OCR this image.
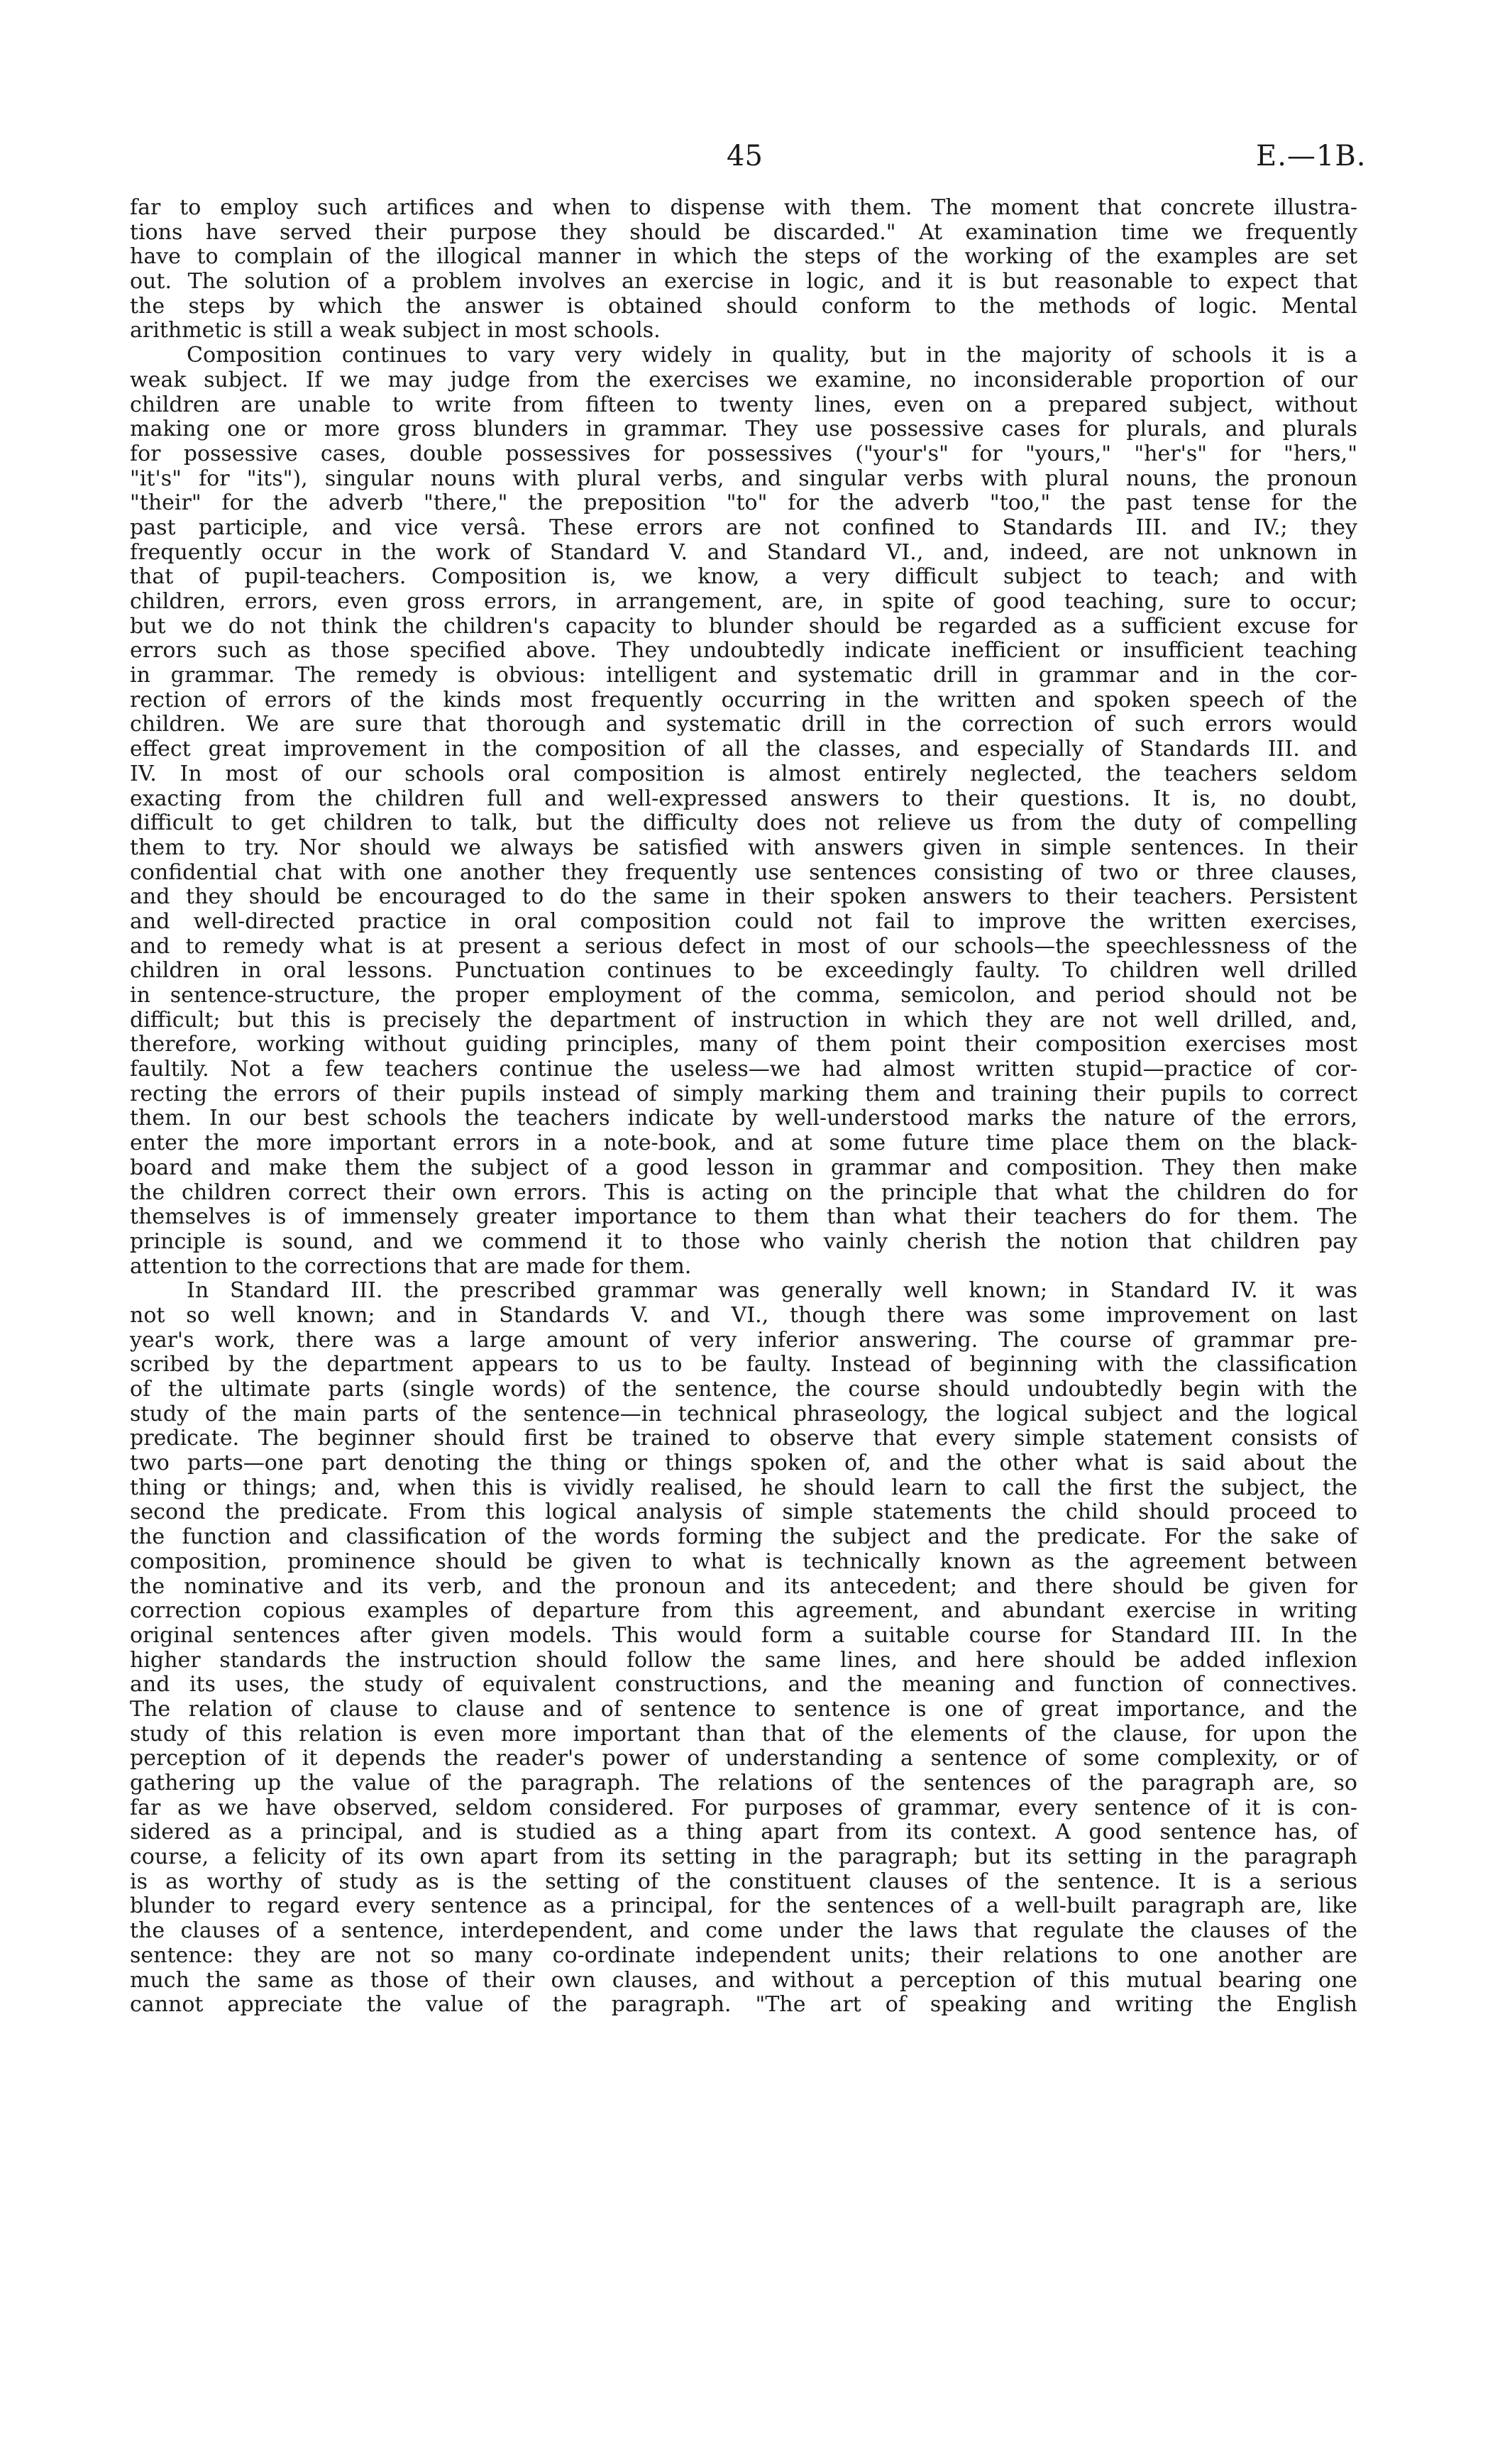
45	E.—1B.
far to employ such artifices and when to dispense with them. The moment that concrete illustra-
tions have served their purpose they should be discarded." At examination time we frequently
have to complain of the illogical manner in which the steps of the working of the examples are set
out. The solution of a problem involves an exercise in logic, and it is but reasonable to expect that
the steps by which the answer is obtained should conform to the methods of logic. Mental
arithmetic is still a weak subject in most schools.
Composition continues to vary very widely in quality, but in the majority of schools it is a
weak subject. If we may judge from the exercises we examine, no inconsiderable proportion of our
children are unable to write from fifteen to twenty lines, even on a prepared subject, without
making one or more gross blunders in grammar. They use possessive cases for plurals, and plurals
for possessive cases, double possessives for possessives ("your's" for "yours," "her's" for "hers,"
"it's" for "its"), singular nouns with plural verbs, and singular verbs with plural nouns, the pronoun
"their" for the adverb "there," the preposition "to" for the adverb "too," the past tense for the
past participle, and vice versâ. These errors are not confined to Standards III. and IV.; they
frequently occur in the work of Standard V. and Standard VI., and, indeed, are not unknown in
that of pupil-teachers. Composition is, we know, a very difficult subject to teach; and with
children, errors, even gross errors, in arrangement, are, in spite of good teaching, sure to occur;
but we do not think the children's capacity to blunder should be regarded as a sufficient excuse for
errors such as those specified above. They undoubtedly indicate inefficient or insufficient teaching
in grammar. The remedy is obvious: intelligent and systematic drill in grammar and in the cor-
rection of errors of the kinds most frequently occurring in the written and spoken speech of the
children. We are sure that thorough and systematic drill in the correction of such errors would
effect great improvement in the composition of all the classes, and especially of Standards III. and
IV. In most of our schools oral composition is almost entirely neglected, the teachers seldom
exacting from the children full and well-expressed answers to their questions. It is, no doubt,
difficult to get children to talk, but the difficulty does not relieve us from the duty of compelling
them to try. Nor should we always be satisfied with answers given in simple sentences. In their
confidential chat with one another they frequently use sentences consisting of two or three clauses,
and they should be encouraged to do the same in their spoken answers to their teachers. Persistent
and well-directed practice in oral composition could not fail to improve the written exercises,
and to remedy what is at present a serious defect in most of our schools—the speechlessness of the
children in oral lessons. Punctuation continues to be exceedingly faulty. To children well drilled
in sentence-structure, the proper employment of the comma, semicolon, and period should not be
difficult; but this is precisely the department of instruction in which they are not well drilled, and,
therefore, working without guiding principles, many of them point their composition exercises most
faultily. Not a few teachers continue the useless—we had almost written stupid—practice of cor-
recting the errors of their pupils instead of simply marking them and training their pupils to correct
them. In our best schools the teachers indicate by well-understood marks the nature of the errors,
enter the more important errors in a note-book, and at some future time place them on the black-
board and make them the subject of a good lesson in grammar and composition. They then make
the children correct their own errors. This is acting on the principle that what the children do for
themselves is of immensely greater importance to them than what their teachers do for them. The
principle is sound, and we commend it to those who vainly cherish the notion that children pay
attention to the corrections that are made for them.
In Standard III. the prescribed grammar was generally well known; in Standard IV. it was
not so well known; and in Standards V. and VI., though there was some improvement on last
year's work, there was a large amount of very inferior answering. The course of grammar pre-
scribed by the department appears to us to be faulty. Instead of beginning with the classification
of the ultimate parts (single words) of the sentence, the course should undoubtedly begin with the
study of the main parts of the sentence—in technical phraseology, the logical subject and the logical
predicate. The beginner should first be trained to observe that every simple statement consists of
two parts—one part denoting the thing or things spoken of, and the other what is said about the
thing or things; and, when this is vividly realised, he should learn to call the first the subject, the
second the predicate. From this logical analysis of simple statements the child should proceed to
the function and classification of the words forming the subject and the predicate. For the sake of
composition, prominence should be given to what is technically known as the agreement between
the nominative and its verb, and the pronoun and its antecedent; and there should be given for
correction copious examples of departure from this agreement, and abundant exercise in writing
original sentences after given models. This would form a suitable course for Standard III. In the
higher standards the instruction should follow the same lines, and here should be added inflexion
and its uses, the study of equivalent constructions, and the meaning and function of connectives.
The relation of clause to clause and of sentence to sentence is one of great importance, and the
study of this relation is even more important than that of the elements of the clause, for upon the
perception of it depends the reader's power of understanding a sentence of some complexity, or of
gathering up the value of the paragraph. The relations of the sentences of the paragraph are, so
far as we have observed, seldom considered. For purposes of grammar, every sentence of it is con-
sidered as a principal, and is studied as a thing apart from its context. A good sentence has, of
course, a felicity of its own apart from its setting in the paragraph; but its setting in the paragraph
is as worthy of study as is the setting of the constituent clauses of the sentence. It is a serious
blunder to regard every sentence as a principal, for the sentences of a well-built paragraph are, like
the clauses of a sentence, interdependent, and come under the laws that regulate the clauses of the
sentence: they are not so many co-ordinate independent units; their relations to one another are
much the same as those of their own clauses, and without a perception of this mutual bearing one
cannot appreciate the value of the paragraph. "The art of speaking and writing the English
